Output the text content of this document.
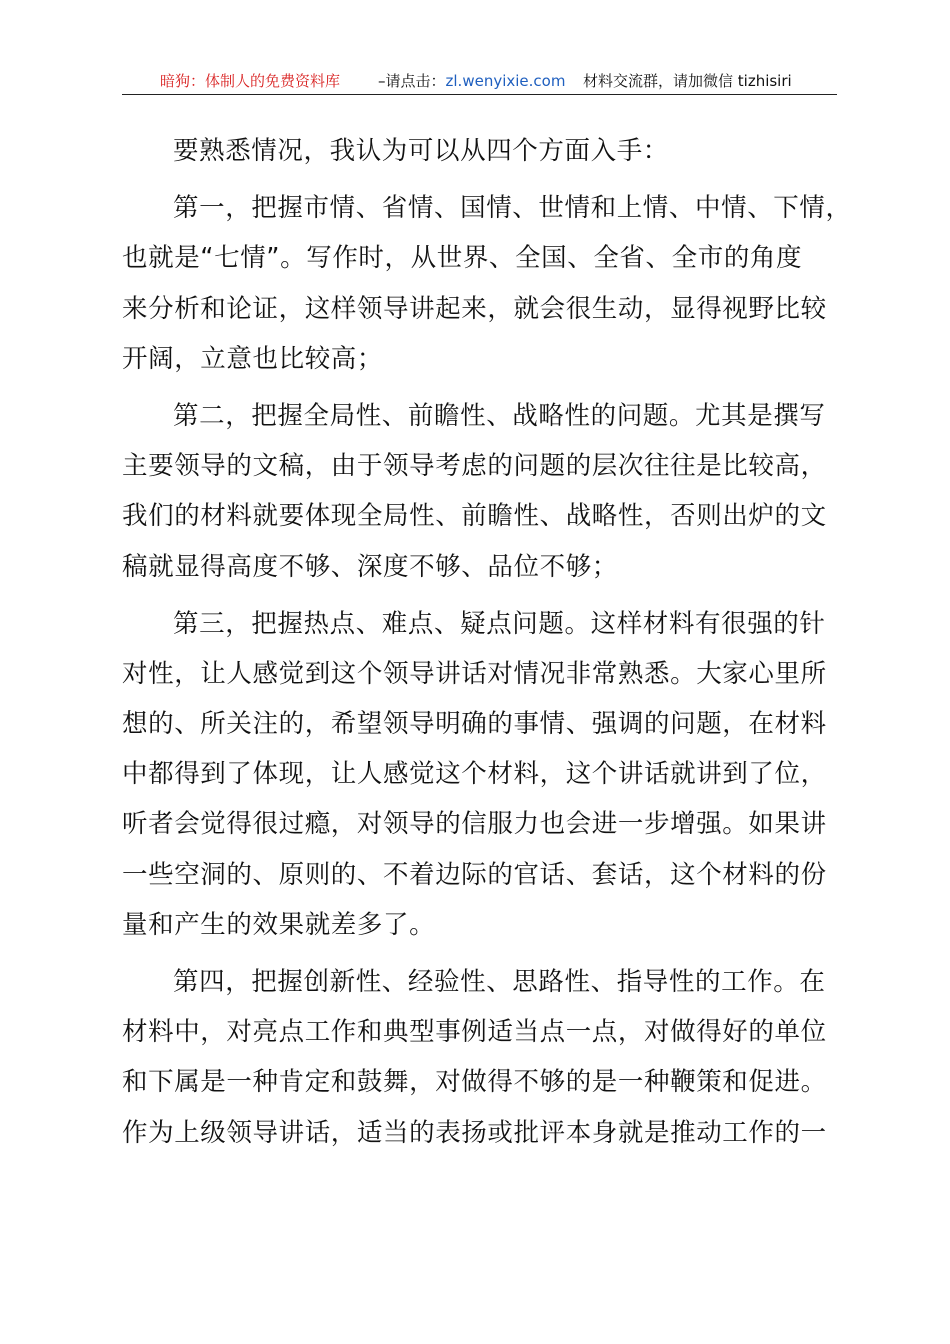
暗狗：体制人的免费资料库	–请点击：zl.wenyixie.com 材料交流群，请加微信 tizhisiri
要熟悉情况，我认为可以从四个方面入手：
第一，把握市情、省情、国情、世情和上情、中情、下情，
也就是“七情”。写作时，从世界、全国、全省、全市的角度
来分析和论证，这样领导讲起来，就会很生动，显得视野比较
开阔，立意也比较高；
第二，把握全局性、前瞻性、战略性的问题。尤其是撰写
主要领导的文稿，由于领导考虑的问题的层次往往是比较高，
我们的材料就要体现全局性、前瞻性、战略性，否则出炉的文
稿就显得高度不够、深度不够、品位不够；
第三，把握热点、难点、疑点问题。这样材料有很强的针
对性，让人感觉到这个领导讲话对情况非常熟悉。大家心里所
想的、所关注的，希望领导明确的事情、强调的问题，在材料
中都得到了体现，让人感觉这个材料，这个讲话就讲到了位，
听者会觉得很过瘾，对领导的信服力也会进一步增强。如果讲
一些空洞的、原则的、不着边际的官话、套话，这个材料的份
量和产生的效果就差多了。
第四，把握创新性、经验性、思路性、指导性的工作。在
材料中，对亮点工作和典型事例适当点一点，对做得好的单位
和下属是一种肯定和鼓舞，对做得不够的是一种鞭策和促进。
作为上级领导讲话，适当的表扬或批评本身就是推动工作的一
